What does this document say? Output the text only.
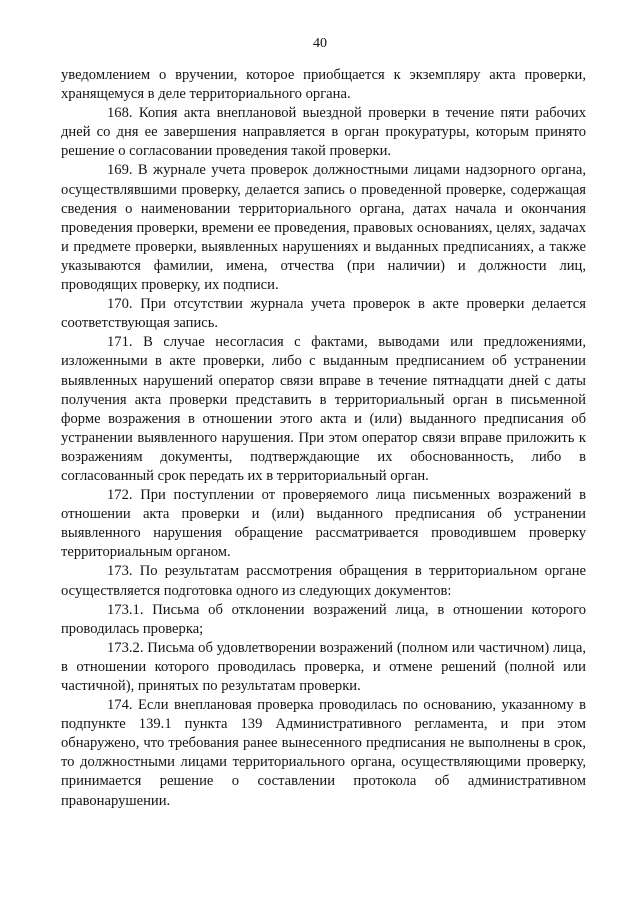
40

уведомлением о вручении, которое приобщается к экземпляру акта проверки, хранящемуся в деле территориального органа.

168. Копия акта внеплановой выездной проверки в течение пяти рабочих дней со дня ее завершения направляется в орган прокуратуры, которым принято решение о согласовании проведения такой проверки.

169. В журнале учета проверок должностными лицами надзорного органа, осуществлявшими проверку, делается запись о проведенной проверке, содержащая сведения о наименовании территориального органа, датах начала и окончания проведения проверки, времени ее проведения, правовых основаниях, целях, задачах и предмете проверки, выявленных нарушениях и выданных предписаниях, а также указываются фамилии, имена, отчества (при наличии) и должности лиц, проводящих проверку, их подписи.

170. При отсутствии журнала учета проверок в акте проверки делается соответствующая запись.

171. В случае несогласия с фактами, выводами или предложениями, изложенными в акте проверки, либо с выданным предписанием об устранении выявленных нарушений оператор связи вправе в течение пятнадцати дней с даты получения акта проверки представить в территориальный орган в письменной форме возражения в отношении этого акта и (или) выданного предписания об устранении выявленного нарушения. При этом оператор связи вправе приложить к возражениям документы, подтверждающие их обоснованность, либо в согласованный срок передать их в территориальный орган.

172. При поступлении от проверяемого лица письменных возражений в отношении акта проверки и (или) выданного предписания об устранении выявленного нарушения обращение рассматривается проводившем проверку территориальным органом.

173. По результатам рассмотрения обращения в территориальном органе осуществляется подготовка одного из следующих документов:

173.1. Письма об отклонении возражений лица, в отношении которого проводилась проверка;

173.2. Письма об удовлетворении возражений (полном или частичном) лица, в отношении которого проводилась проверка, и отмене решений (полной или частичной), принятых по результатам проверки.

174. Если внеплановая проверка проводилась по основанию, указанному в подпункте 139.1 пункта 139 Административного регламента, и при этом обнаружено, что требования ранее вынесенного предписания не выполнены в срок, то должностными лицами территориального органа, осуществляющими проверку, принимается решение о составлении протокола об административном правонарушении.
